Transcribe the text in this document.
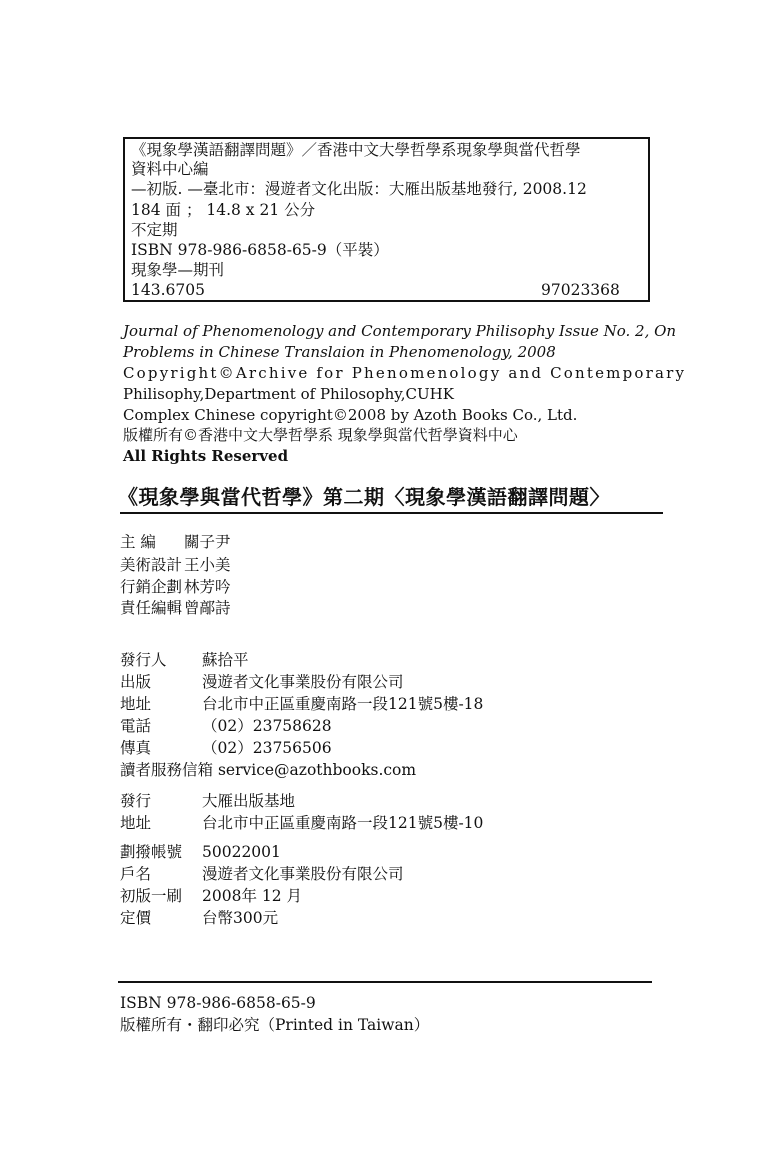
《現象學漢語翻譯問題》／香港中文大學哲學系現象學與當代哲學
資料中心編
—初版. —臺北市：漫遊者文化出版：大雁出版基地發行, 2008.12
184 面 ； 14.8 x 21 公分
不定期
ISBN 978-986-6858-65-9（平裝）
現象學—期刊
143.6705	97023368
Journal of Phenomenology and Contemporary Philisophy Issue No. 2, On
Problems in Chinese Translaion in Phenomenology, 2008
Copyright©Archive for Phenomenology and Contemporary
Philisophy,Department of Philosophy,CUHK
Complex Chinese copyright©2008 by Azoth Books Co., Ltd.
版權所有©香港中文大學哲學系 現象學與當代哲學資料中心
All Rights Reserved
《現象學與當代哲學》第二期〈現象學漢語翻譯問題〉
主 編 關子尹
美術設計 王小美
行銷企劃 林芳吟
責任編輯 曾鄗詩
發行人 蘇拾平
出版	漫遊者文化事業股份有限公司
地址	台北市中正區重慶南路一段121號5樓-18
電話	（02）23758628
傳真	（02）23756506
讀者服務信箱 service@azothbooks.com
發行	大雁出版基地
地址	台北市中正區重慶南路一段121號5樓-10
劃撥帳號 50022001
戶名	漫遊者文化事業股份有限公司
初版一刷 2008年 12 月
定價	台幣300元
ISBN 978-986-6858-65-9
版權所有・翻印必究（Printed in Taiwan）
